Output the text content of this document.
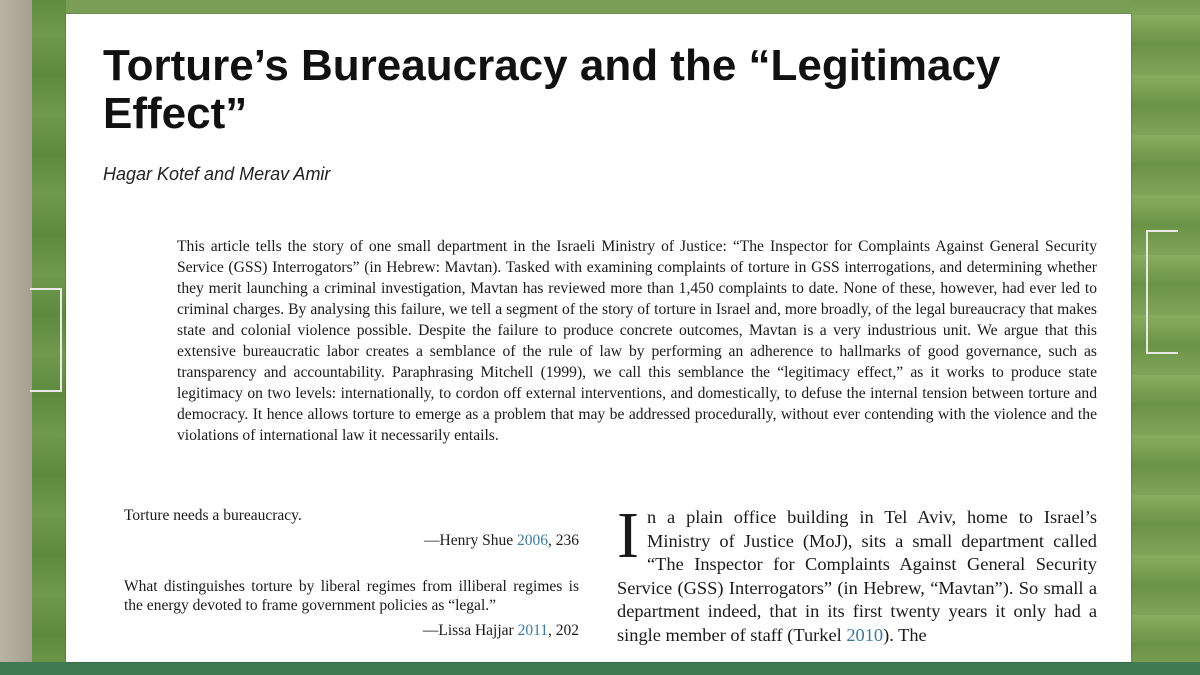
Torture’s Bureaucracy and the “Legitimacy Effect”

Hagar Kotef and Merav Amir

This article tells the story of one small department in the Israeli Ministry of Justice: “The Inspector for Complaints Against General Security Service (GSS) Interrogators” (in Hebrew: Mavtan). Tasked with examining complaints of torture in GSS interrogations, and determining whether they merit launching a criminal investigation, Mavtan has reviewed more than 1,450 complaints to date. None of these, however, had ever led to criminal charges. By analysing this failure, we tell a segment of the story of torture in Israel and, more broadly, of the legal bureaucracy that makes state and colonial violence possible. Despite the failure to produce concrete outcomes, Mavtan is a very industrious unit. We argue that this extensive bureaucratic labor creates a semblance of the rule of law by performing an adherence to hallmarks of good governance, such as transparency and accountability. Paraphrasing Mitchell (1999), we call this semblance the “legitimacy effect,” as it works to produce state legitimacy on two levels: internationally, to cordon off external interventions, and domestically, to defuse the internal tension between torture and democracy. It hence allows torture to emerge as a problem that may be addressed procedurally, without ever contending with the violence and the violations of international law it necessarily entails.

Torture needs a bureaucracy.

—Henry Shue 2006, 236

What distinguishes torture by liberal regimes from illiberal regimes is the energy devoted to frame government policies as “legal.”

—Lissa Hajjar 2011, 202

In a plain office building in Tel Aviv, home to Israel’s Ministry of Justice (MoJ), sits a small department called “The Inspector for Complaints Against General Security Service (GSS) Interrogators” (in Hebrew, “Mavtan”). So small a department indeed, that in its first twenty years it only had a single member of staff (Turkel 2010). The
